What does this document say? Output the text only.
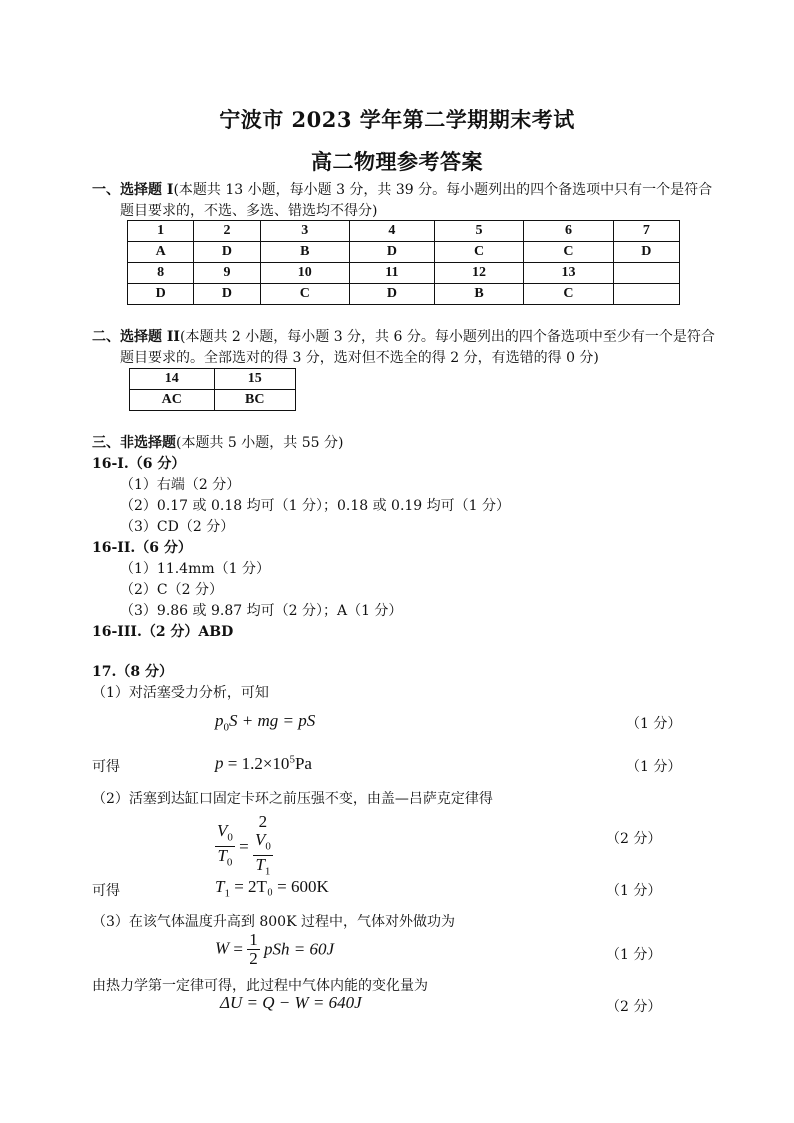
宁波市 2023 学年第二学期期末考试
高二物理参考答案
一、选择题 I(本题共 13 小题，每小题 3 分，共 39 分。每小题列出的四个备选项中只有一个是符合
题目要求的，不选、多选、错选均不得分)
1	2	3	4	5	6	7
A	D	B	D	C	C	D
8	9	10	11	12	13	
D	D	C	D	B	C	
二、选择题 II(本题共 2 小题，每小题 3 分，共 6 分。每小题列出的四个备选项中至少有一个是符合
题目要求的。全部选对的得 3 分，选对但不选全的得 2 分，有选错的得 0 分)
14	15
AC	BC
三、非选择题(本题共 5 小题，共 55 分)
16-I.（6 分）
（1）右端（2 分）
（2）0.17 或 0.18 均可（1 分）；0.18 或 0.19 均可（1 分）
（3）CD（2 分）
16-II.（6 分）
（1）11.4mm（1 分）
（2）C（2 分）
（3）9.86 或 9.87 均可（2 分）；A（1 分）
16-III.（2 分）ABD
17.（8 分）
（1）对活塞受力分析，可知
$p_0S$ + mg = pS	（1 分）
可得	$p = 1.2\times 10^5Pa$	（1 分）
（2）活塞到达缸口固定卡环之前压强不变，由盖—吕萨克定律得
$\frac{V_0}{T_0} = 2$
$V_0$
$T_1$	（2 分）
可得	$T_1 = 2T_0 = 600K$	（1 分）
（3）在该气体温度升高到 800K 过程中，气体对外做功为
$W = \frac{1}{2}$ pSh = 60J	（1 分）
由热力学第一定律可得，此过程中气体内能的变化量为
ΔU = Q − W = 640J	（2 分）
